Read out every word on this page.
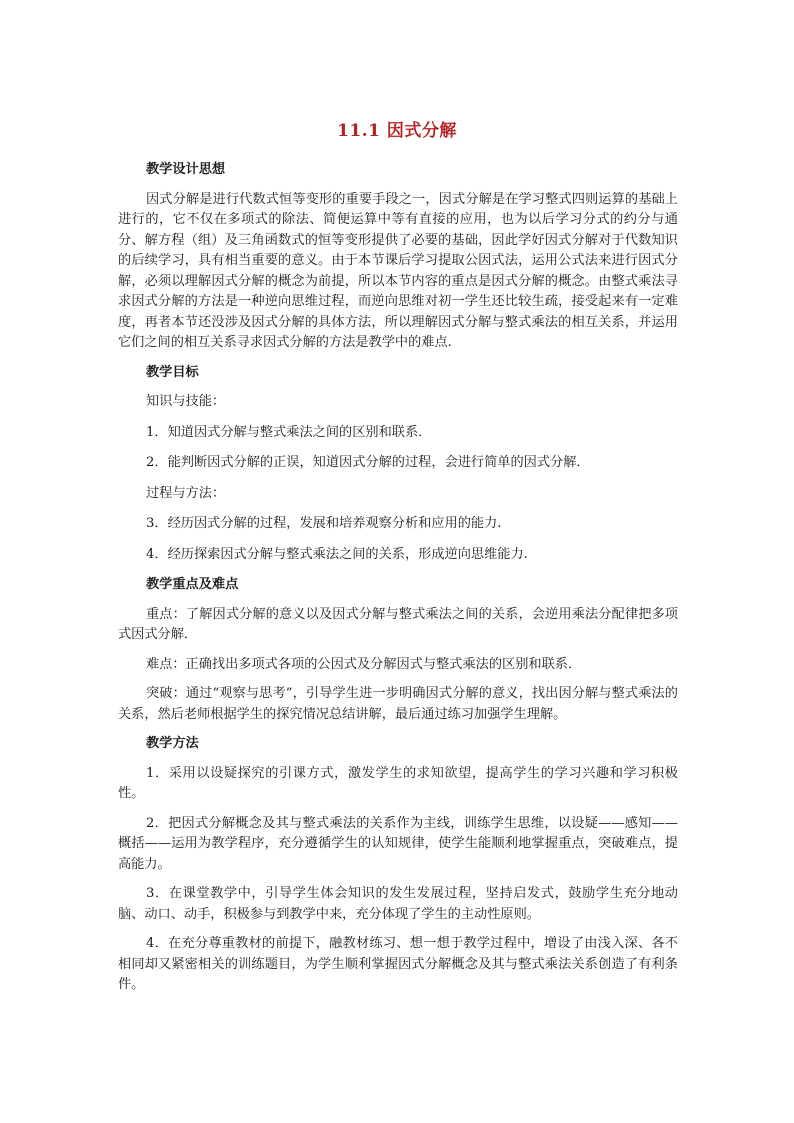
11.1 因式分解
教学设计思想

因式分解是进行代数式恒等变形的重要手段之一，因式分解是在学习整式四则运算的基础上进行的，它不仅在多项式的除法、简便运算中等有直接的应用，也为以后学习分式的约分与通分、解方程（组）及三角函数式的恒等变形提供了必要的基础，因此学好因式分解对于代数知识的后续学习，具有相当重要的意义。由于本节课后学习提取公因式法，运用公式法来进行因式分解，必须以理解因式分解的概念为前提，所以本节内容的重点是因式分解的概念。由整式乘法寻求因式分解的方法是一种逆向思维过程，而逆向思维对初一学生还比较生疏，接受起来有一定难度，再者本节还没涉及因式分解的具体方法，所以理解因式分解与整式乘法的相互关系，并运用它们之间的相互关系寻求因式分解的方法是教学中的难点.

教学目标
知识与技能：
1．知道因式分解与整式乘法之间的区别和联系．
2．能判断因式分解的正误，知道因式分解的过程，会进行简单的因式分解．
过程与方法：
3．经历因式分解的过程，发展和培养观察分析和应用的能力.
4．经历探索因式分解与整式乘法之间的关系，形成逆向思维能力.
教学重点及难点

重点：了解因式分解的意义以及因式分解与整式乘法之间的关系，会逆用乘法分配律把多项式因式分解．

难点：正确找出多项式各项的公因式及分解因式与整式乘法的区别和联系．

突破：通过“观察与思考”，引导学生进一步明确因式分解的意义，找出因分解与整式乘法的关系，然后老师根据学生的探究情况总结讲解，最后通过练习加强学生理解。

教学方法

1．采用以设疑探究的引课方式，激发学生的求知欲望，提高学生的学习兴趣和学习积极性。

2．把因式分解概念及其与整式乘法的关系作为主线，训练学生思维，以设疑——感知——概括——运用为教学程序，充分遵循学生的认知规律，使学生能顺利地掌握重点，突破难点，提高能力。

3．在课堂教学中，引导学生体会知识的发生发展过程，坚持启发式，鼓励学生充分地动脑、动口、动手，积极参与到教学中来，充分体现了学生的主动性原则。

4．在充分尊重教材的前提下，融教材练习、想一想于教学过程中，增设了由浅入深、各不相同却又紧密相关的训练题目，为学生顺利掌握因式分解概念及其与整式乘法关系创造了有利条件。
